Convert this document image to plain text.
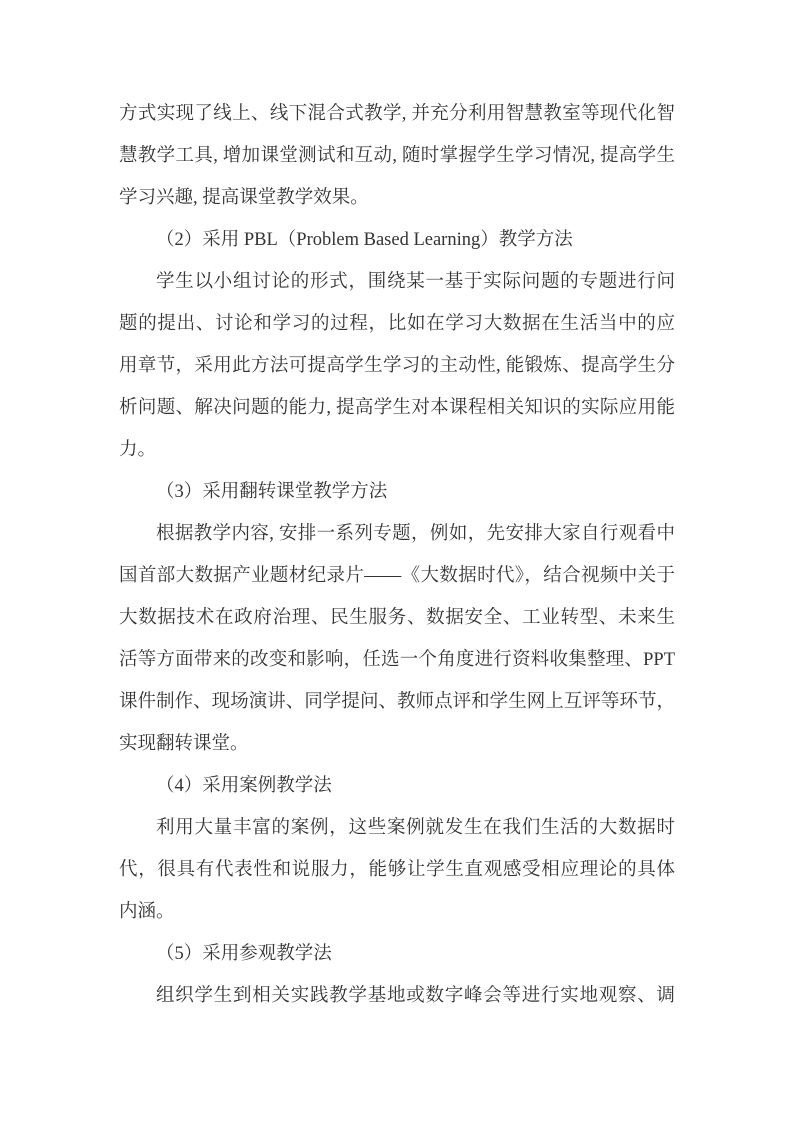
方式实现了线上、线下混合式教学, 并充分利用智慧教室等现代化智
慧教学工具, 增加课堂测试和互动, 随时掌握学生学习情况, 提高学生
学习兴趣, 提高课堂教学效果。
（2）采用 PBL（Problem Based Learning）教学方法
学生以小组讨论的形式，围绕某一基于实际问题的专题进行问
题的提出、讨论和学习的过程，比如在学习大数据在生活当中的应
用章节，采用此方法可提高学生学习的主动性, 能锻炼、提高学生分
析问题、解决问题的能力, 提高学生对本课程相关知识的实际应用能
力。
（3）采用翻转课堂教学方法
根据教学内容, 安排一系列专题，例如，先安排大家自行观看中
国首部大数据产业题材纪录片——《大数据时代》，结合视频中关于
大数据技术在政府治理、民生服务、数据安全、工业转型、未来生
活等方面带来的改变和影响，任选一个角度进行资料收集整理、PPT
课件制作、现场演讲、同学提问、教师点评和学生网上互评等环节，
实现翻转课堂。
（4）采用案例教学法
利用大量丰富的案例，这些案例就发生在我们生活的大数据时
代，很具有代表性和说服力，能够让学生直观感受相应理论的具体
内涵。
（5）采用参观教学法
组织学生到相关实践教学基地或数字峰会等进行实地观察、调
